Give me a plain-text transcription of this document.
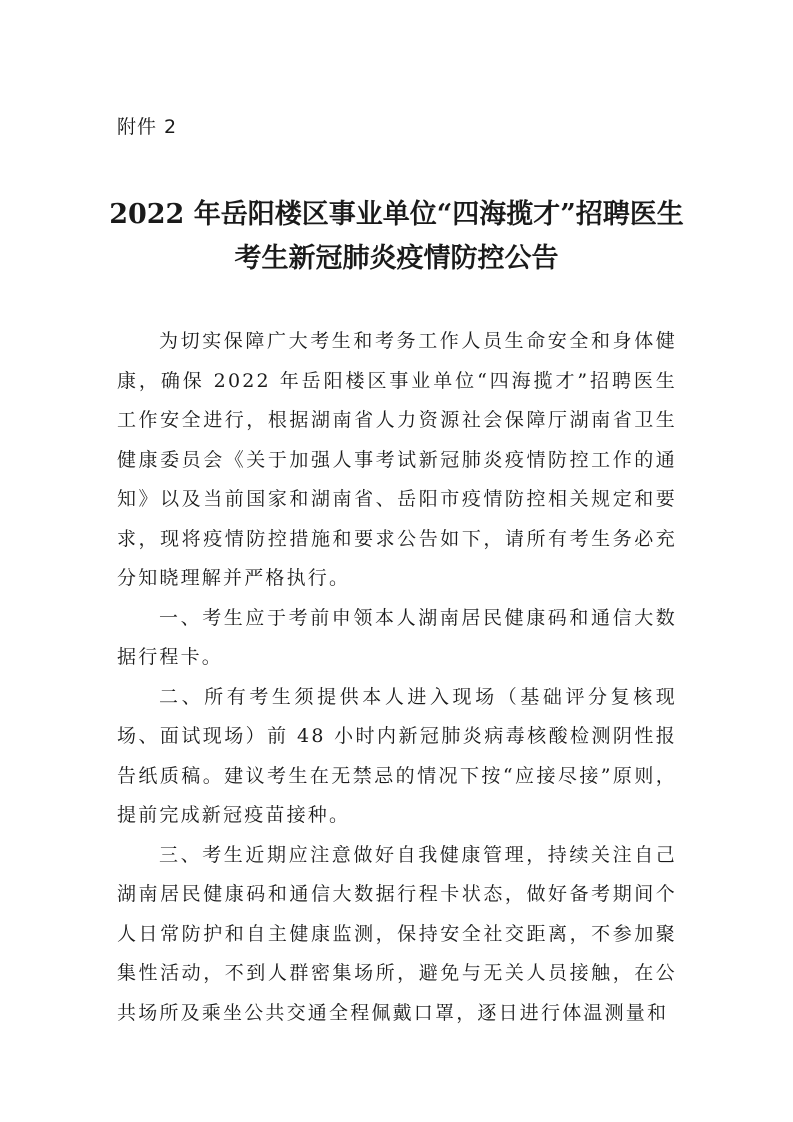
附件 2
2022 年岳阳楼区事业单位“四海揽才”招聘医生
考生新冠肺炎疫情防控公告

为切实保障广大考生和考务工作人员生命安全和身体健康，确保 2022 年岳阳楼区事业单位“四海揽才”招聘医生工作安全进行，根据湖南省人力资源社会保障厅湖南省卫生健康委员会《关于加强人事考试新冠肺炎疫情防控工作的通知》以及当前国家和湖南省、岳阳市疫情防控相关规定和要求，现将疫情防控措施和要求公告如下，请所有考生务必充分知晓理解并严格执行。

一、考生应于考前申领本人湖南居民健康码和通信大数据行程卡。

二、所有考生须提供本人进入现场（基础评分复核现场、面试现场）前 48 小时内新冠肺炎病毒核酸检测阴性报告纸质稿。建议考生在无禁忌的情况下按“应接尽接”原则，提前完成新冠疫苗接种。

三、考生近期应注意做好自我健康管理，持续关注自己湖南居民健康码和通信大数据行程卡状态，做好备考期间个人日常防护和自主健康监测，保持安全社交距离，不参加聚集性活动，不到人群密集场所，避免与无关人员接触，在公共场所及乘坐公共交通全程佩戴口罩，逐日进行体温测量和
